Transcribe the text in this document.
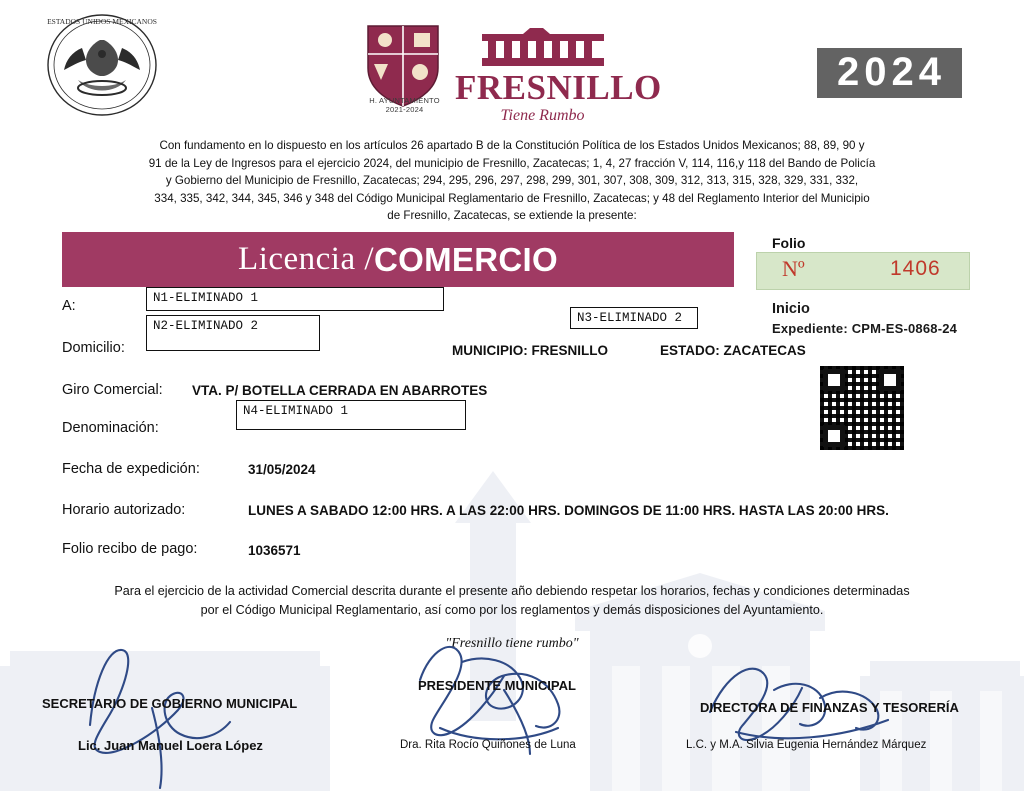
ESTADOS UNIDOS MEXICANOS
H. AYUNTAMIENTO
2021-2024
FRESNILLO
Tiene Rumbo
2024
Con fundamento en lo dispuesto en los artículos 26 apartado B de la Constitución Política de los Estados Unidos Mexicanos; 88, 89, 90 y
91 de la Ley de Ingresos para el ejercicio 2024, del municipio de Fresnillo, Zacatecas; 1, 4, 27 fracción V, 114, 116,y 118 del Bando de Policía
y Gobierno del Municipio de Fresnillo, Zacatecas; 294, 295, 296, 297, 298, 299, 301, 307, 308, 309, 312, 313, 315, 328, 329, 331, 332,
334, 335, 342, 344, 345, 346 y 348 del Código Municipal Reglamentario de Fresnillo, Zacatecas; y 48 del Reglamento Interior del Municipio
de Fresnillo, Zacatecas, se extiende la presente:
Licencia / COMERCIO	Folio
Nº	1406
A:	N1-ELIMINADO 1
N3-ELIMINADO 2
Domicilio:
N2-ELIMINADO 2
MUNICIPIO: FRESNILLO	ESTADO: ZACATECAS
Inicio
Expediente: CPM-ES-0868-24
Giro Comercial: VTA. P/ BOTELLA CERRADA EN ABARROTES
Denominación:
N4-ELIMINADO 1
Fecha de expedición:	31/05/2024
Horario autorizado:	LUNES A SABADO 12:00 HRS. A LAS 22:00 HRS. DOMINGOS DE 11:00 HRS. HASTA LAS 20:00 HRS.
Folio recibo de pago:	1036571
Para el ejercicio de la actividad Comercial descrita durante el presente año debiendo respetar los horarios, fechas y condiciones determinadas
por el Código Municipal Reglamentario, así como por los reglamentos y demás disposiciones del Ayuntamiento.
"Fresnillo tiene rumbo"
SECRETARIO DE GOBIERNO MUNICIPAL
Lic. Juan Manuel Loera López
PRESIDENTE MUNICIPAL
Dra. Rita Rocío Quiñones de Luna
DIRECTORA DE FINANZAS Y TESORERÍA
L.C. y M.A. Silvia Eugenia Hernández Márquez
